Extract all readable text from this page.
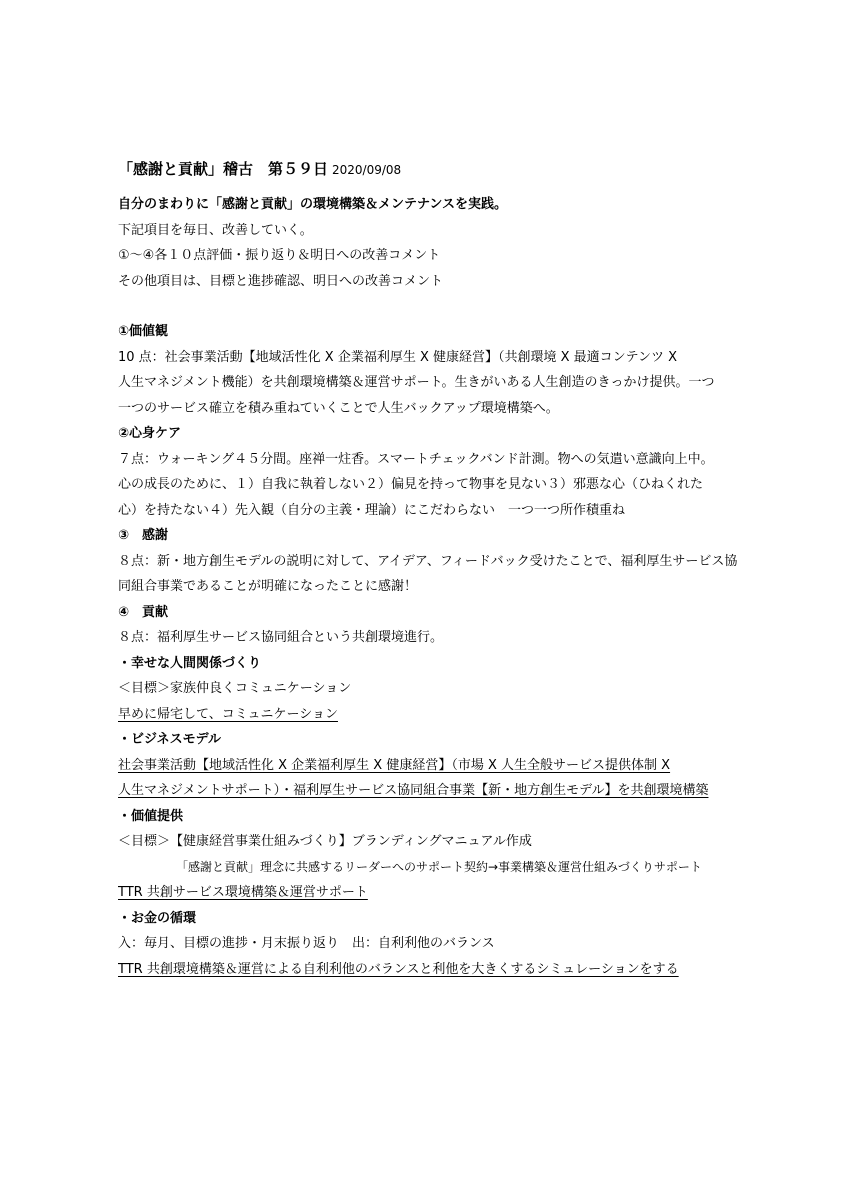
「感謝と貢献」稽古　第５９日 2020/09/08
自分のまわりに「感謝と貢献」の環境構築＆メンテナンスを実践。
下記項目を毎日、改善していく。
①～④各１０点評価・振り返り＆明日への改善コメント
その他項目は、目標と進捗確認、明日への改善コメント
①価値観
10 点：社会事業活動【地域活性化 X 企業福利厚生 X 健康経営】（共創環境 X 最適コンテンツ X
人生マネジメント機能）を共創環境構築＆運営サポート。生きがいある人生創造のきっかけ提供。一つ
一つのサービス確立を積み重ねていくことで人生バックアップ環境構築へ。
②心身ケア
７点：ウォーキング４５分間。座禅一炷香。スマートチェックバンド計測。物への気遣い意識向上中。
心の成長のために、１）自我に執着しない２）偏見を持って物事を見ない３）邪悪な心（ひねくれた
心）を持たない４）先入観（自分の主義・理論）にこだわらない　一つ一つ所作積重ね
③　感謝
８点：新・地方創生モデルの説明に対して、アイデア、フィードバック受けたことで、福利厚生サービス協
同組合事業であることが明確になったことに感謝！
④　貢献
８点：福利厚生サービス協同組合という共創環境進行。
・幸せな人間関係づくり
＜目標＞家族仲良くコミュニケーション
早めに帰宅して、コミュニケーション
・ビジネスモデル
社会事業活動【地域活性化 X 企業福利厚生 X 健康経営】（市場 X 人生全般サービス提供体制 X
人生マネジメントサポート）・福利厚生サービス協同組合事業【新・地方創生モデル】を共創環境構築
・価値提供
＜目標＞【健康経営事業仕組みづくり】ブランディングマニュアル作成
「感謝と貢献」理念に共感するリーダーへのサポート契約→事業構築＆運営仕組みづくりサポート
TTR 共創サービス環境構築＆運営サポート
・お金の循環
入：毎月、目標の進捗・月末振り返り　出：自利利他のバランス
TTR 共創環境構築＆運営による自利利他のバランスと利他を大きくするシミュレーションをする
